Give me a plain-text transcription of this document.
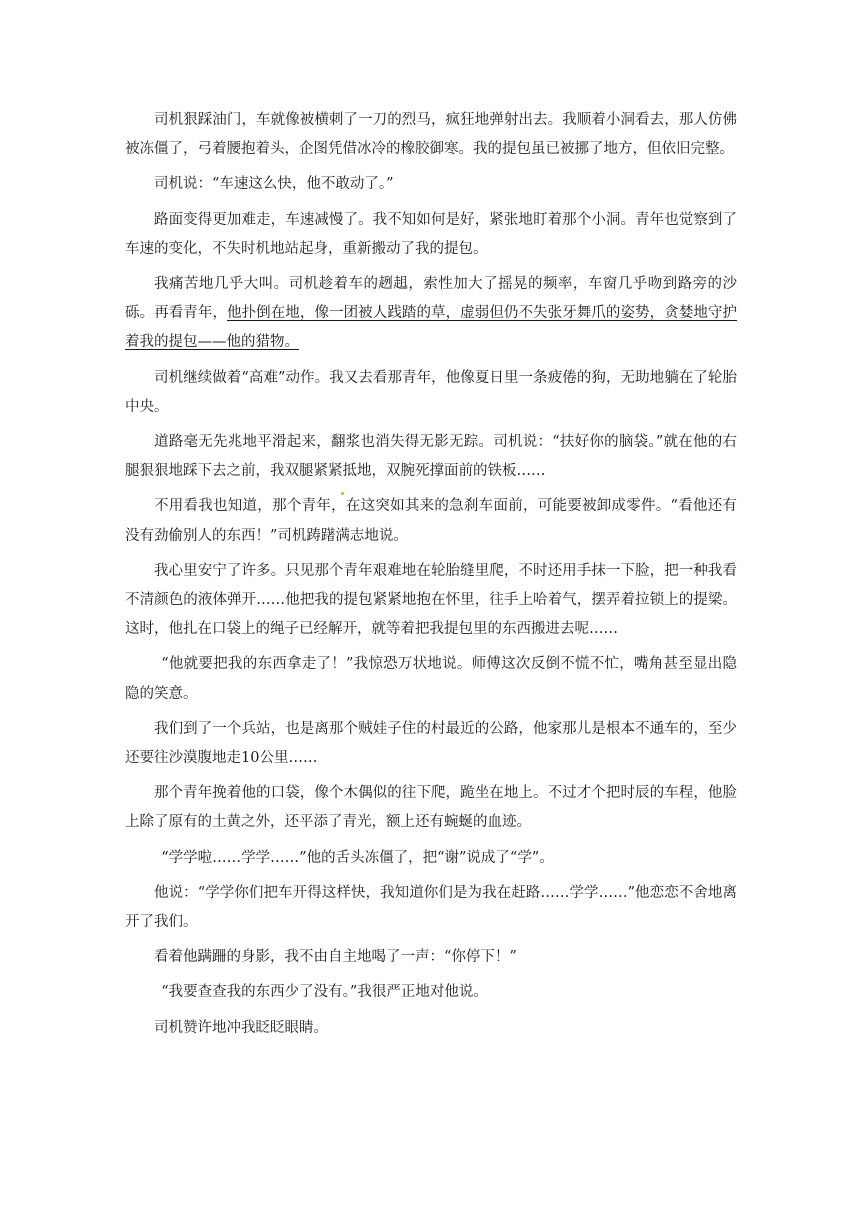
司机狠踩油门，车就像被横刺了一刀的烈马，疯狂地弹射出去。我顺着小洞看去，那人仿佛被冻僵了，弓着腰抱着头，企图凭借冰冷的橡胶御寒。我的提包虽已被挪了地方，但依旧完整。

司机说：“车速这么快，他不敢动了。”

路面变得更加难走，车速减慢了。我不知如何是好，紧张地盯着那个小洞。青年也觉察到了车速的变化，不失时机地站起身，重新搬动了我的提包。

我痛苦地几乎大叫。司机趁着车的趔趄，索性加大了摇晃的频率，车窗几乎吻到路旁的沙砾。再看青年，他扑倒在地，像一团被人践踏的草，虚弱但仍不失张牙舞爪的姿势，贪婪地守护着我的提包——他的猎物。

司机继续做着“高难”动作。我又去看那青年，他像夏日里一条疲倦的狗，无助地躺在了轮胎中央。

道路毫无先兆地平滑起来，翻浆也消失得无影无踪。司机说：“扶好你的脑袋。”就在他的右腿狠狠地踩下去之前，我双腿紧紧抵地，双腕死撑面前的铁板……

不用看我也知道，那个青年，在这突如其来的急刹车面前，可能要被卸成零件。“看他还有没有劲偷别人的东西！”司机踌躇满志地说。

我心里安宁了许多。只见那个青年艰难地在轮胎缝里爬，不时还用手抹一下脸，把一种我看不清颜色的液体弹开……他把我的提包紧紧地抱在怀里，往手上哈着气，摆弄着拉锁上的提梁。这时，他扎在口袋上的绳子已经解开，就等着把我提包里的东西搬进去呢……

“他就要把我的东西拿走了！”我惊恐万状地说。师傅这次反倒不慌不忙，嘴角甚至显出隐隐的笑意。

我们到了一个兵站，也是离那个贼娃子住的村最近的公路，他家那儿是根本不通车的，至少还要往沙漠腹地走10公里……

那个青年挽着他的口袋，像个木偶似的往下爬，跪坐在地上。不过才个把时辰的车程，他脸上除了原有的土黄之外，还平添了青光，额上还有蜿蜒的血迹。

“学学啦……学学……”他的舌头冻僵了，把“谢”说成了“学”。

他说：“学学你们把车开得这样快，我知道你们是为我在赶路……学学……”他恋恋不舍地离开了我们。

看着他蹒跚的身影，我不由自主地喝了一声：“你停下！”

“我要查查我的东西少了没有。”我很严正地对他说。

司机赞许地冲我眨眨眼睛。
